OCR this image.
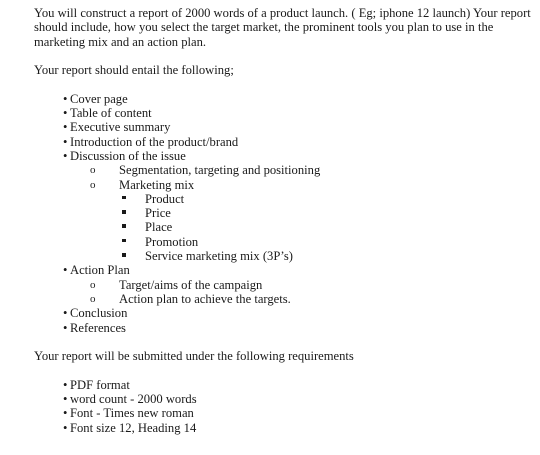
You will construct a report of 2000 words of a product launch. ( Eg; iphone 12 launch) Your report should include, how you select the target market, the prominent tools you plan to use in the marketing mix and an action plan.

Your report should entail the following;

• Cover page
• Table of content
• Executive summary
• Introduction of the product/brand
• Discussion of the issue
o Segmentation, targeting and positioning
o Marketing mix
Product
Price
Place
Promotion
Service marketing mix (3P’s)
• Action Plan
o Target/aims of the campaign
o Action plan to achieve the targets.
• Conclusion
• References

Your report will be submitted under the following requirements

• PDF format
• word count - 2000 words
• Font - Times new roman
• Font size 12, Heading 14
